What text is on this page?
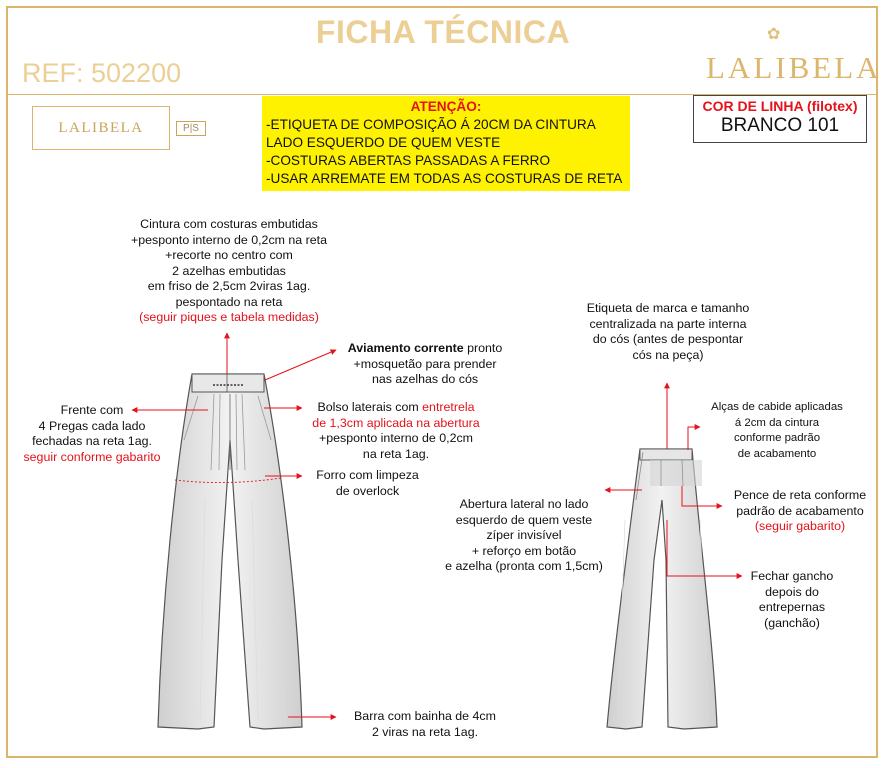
FICHA TÉCNICA
REF: 502200
✿
LALIBELA
LALIBELA	P|S
ATENÇÃO:
-ETIQUETA DE COMPOSIÇÃO Á 20CM DA CINTURA
LADO ESQUERDO DE QUEM VESTE
-COSTURAS ABERTAS PASSADAS A FERRO
-USAR ARREMATE EM TODAS AS COSTURAS DE RETA
COR DE LINHA (filotex)
BRANCO 101
Cintura com costuras embutidas
+pesponto interno de 0,2cm na reta
+recorte no centro com
2 azelhas embutidas
em friso de 2,5cm 2viras 1ag.
pespontado na reta
(seguir piques e tabela medidas)
Aviamento corrente pronto
+mosquetão para prender
nas azelhas do cós
Frente com
4 Pregas cada lado
fechadas na reta 1ag.
seguir conforme gabarito
Bolso laterais com entretrela
de 1,3cm aplicada na abertura
+pesponto interno de 0,2cm
na reta 1ag.
Forro com limpeza
de overlock
Barra com bainha de 4cm
2 viras na reta 1ag.
Etiqueta de marca e tamanho
centralizada na parte interna
do cós (antes de pespontar
cós na peça)
Alças de cabide aplicadas
á 2cm da cintura
conforme padrão
de acabamento
Abertura lateral no lado
esquerdo de quem veste
zíper invisível
+ reforço em botão
e azelha (pronta com 1,5cm)
Pence de reta conforme
padrão de acabamento
(seguir gabarito)
Fechar gancho
depois do
entrepernas
(ganchão)
